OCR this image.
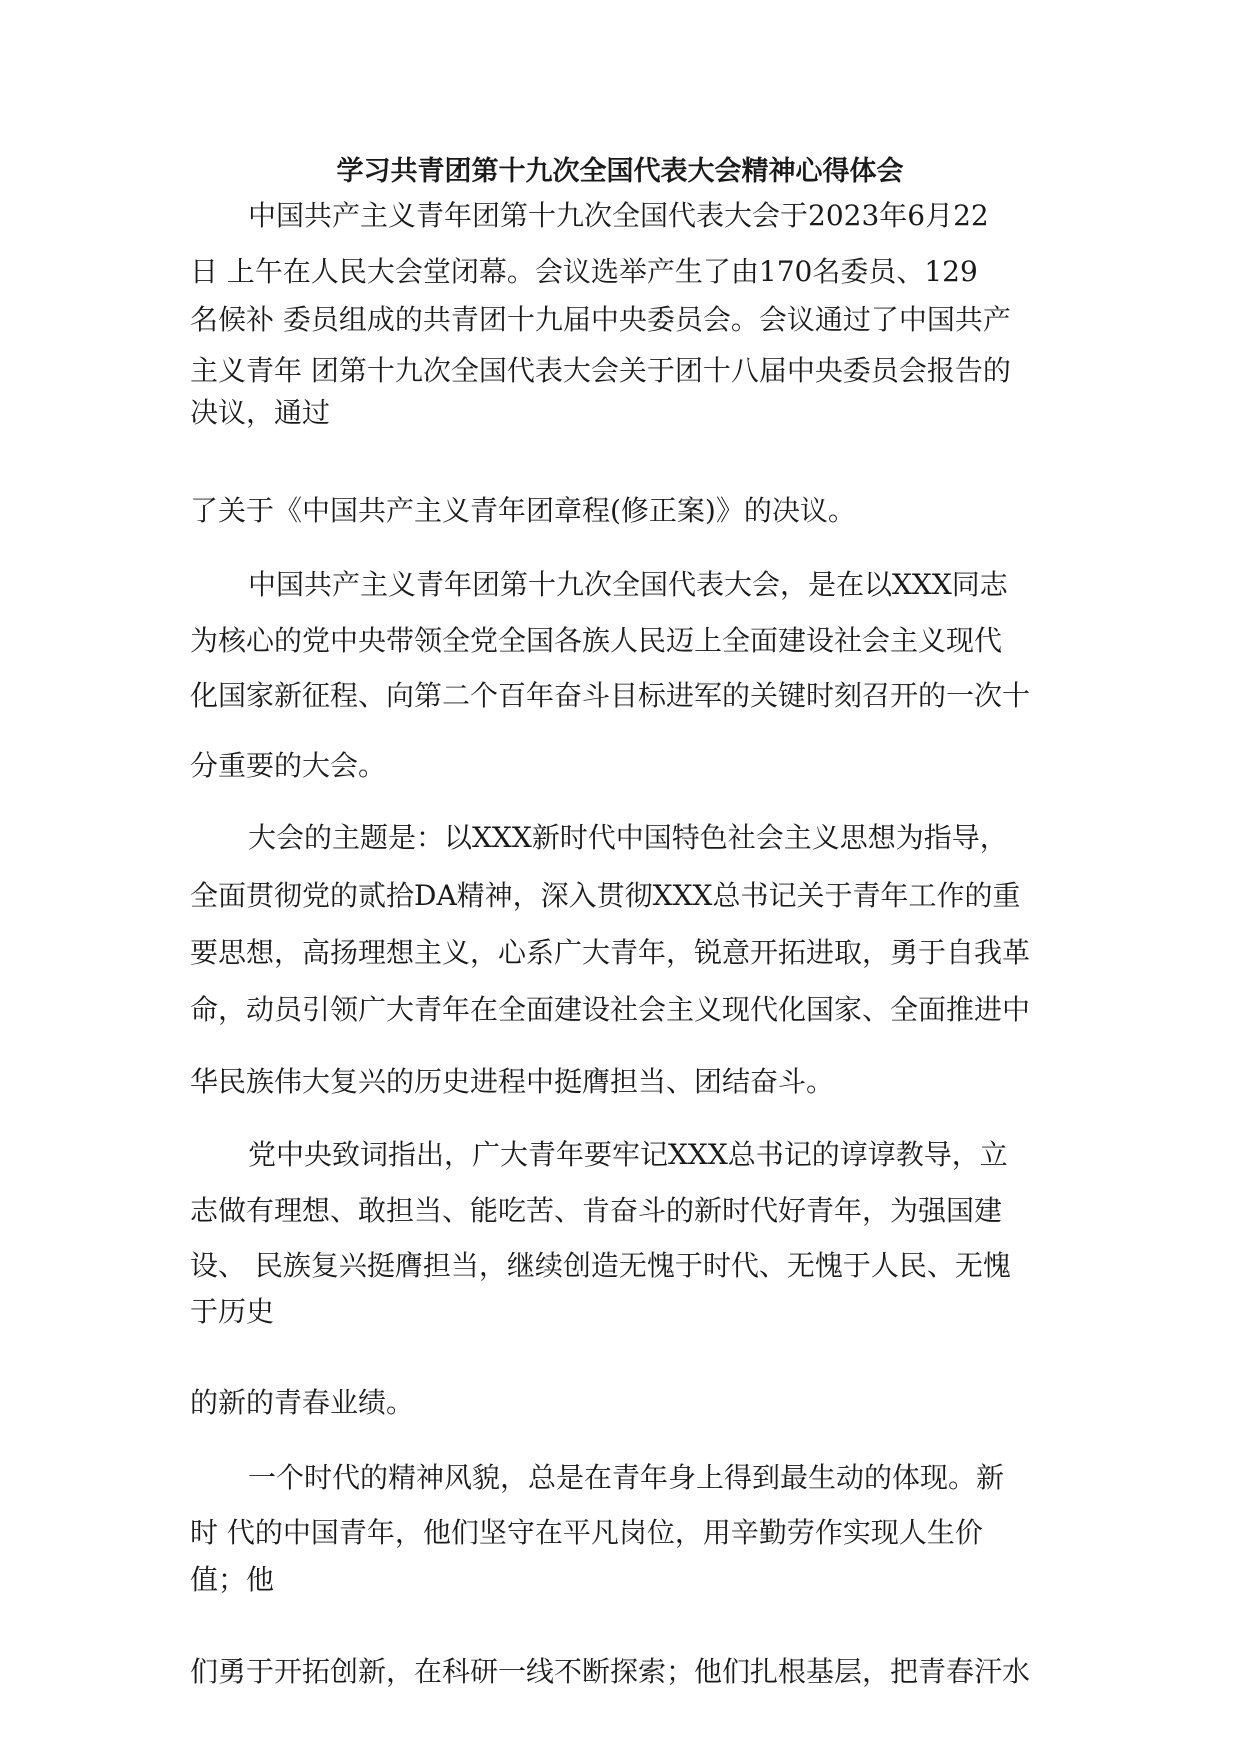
学习共青团第十九次全国代表大会精神心得体会
中国共产主义青年团第十九次全国代表大会于2023年6月22
日 上午在人民大会堂闭幕。会议选举产生了由170名委员、129
名候补 委员组成的共青团十九届中央委员会。会议通过了中国共产
主义青年 团第十九次全国代表大会关于团十八届中央委员会报告的
决议，通过
了关于《中国共产主义青年团章程(修正案)》的决议。
中国共产主义青年团第十九次全国代表大会，是在以XXX同志
为核心的党中央带领全党全国各族人民迈上全面建设社会主义现代
化国家新征程、向第二个百年奋斗目标进军的关键时刻召开的一次十
分重要的大会。
大会的主题是：以XXX新时代中国特色社会主义思想为指导，
全面贯彻党的贰拾DA精神，深入贯彻XXX总书记关于青年工作的重
要思想，高扬理想主义，心系广大青年，锐意开拓进取，勇于自我革
命，动员引领广大青年在全面建设社会主义现代化国家、全面推进中
华民族伟大复兴的历史进程中挺膺担当、团结奋斗。
党中央致词指出，广大青年要牢记XXX总书记的谆谆教导，立
志做有理想、敢担当、能吃苦、肯奋斗的新时代好青年，为强国建
设、 民族复兴挺膺担当，继续创造无愧于时代、无愧于人民、无愧
于历史
的新的青春业绩。
一个时代的精神风貌，总是在青年身上得到最生动的体现。新
时 代的中国青年，他们坚守在平凡岗位，用辛勤劳作实现人生价
值；他
们勇于开拓创新，在科研一线不断探索；他们扎根基层，把青春汗水
